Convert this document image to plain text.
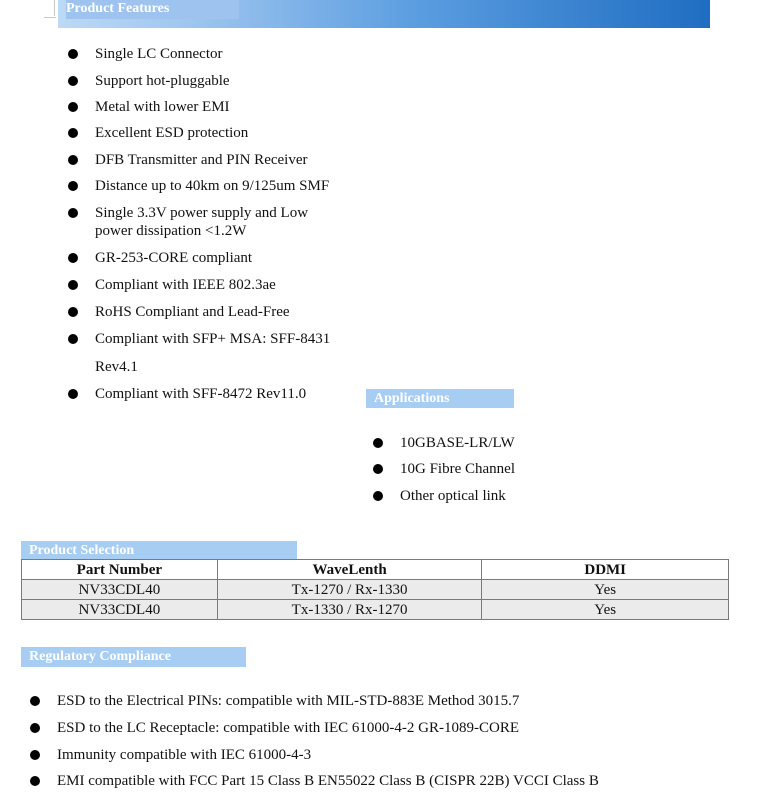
Product Features
Single LC Connector
Support hot-pluggable
Metal with lower EMI
Excellent ESD protection
DFB Transmitter and PIN Receiver
Distance up to 40km on 9/125um SMF
Single 3.3V power supply and Low
power dissipation <1.2W
GR-253-CORE compliant
Compliant with IEEE 802.3ae
RoHS Compliant and Lead-Free
Compliant with SFP+ MSA: SFF-8431
Rev4.1
Compliant with SFF-8472 Rev11.0	Applications
10GBASE-LR/LW
10G Fibre Channel
Other optical link
Product Selection
Part Number	WaveLenth	DDMI
NV33CDL40	Tx-1270 / Rx-1330	Yes
NV33CDL40	Tx-1330 / Rx-1270	Yes
Regulatory Compliance
ESD to the Electrical PINs: compatible with MIL-STD-883E Method 3015.7
ESD to the LC Receptacle: compatible with IEC 61000-4-2 GR-1089-CORE
Immunity compatible with IEC 61000-4-3
EMI compatible with FCC Part 15 Class B EN55022 Class B (CISPR 22B) VCCI Class B
